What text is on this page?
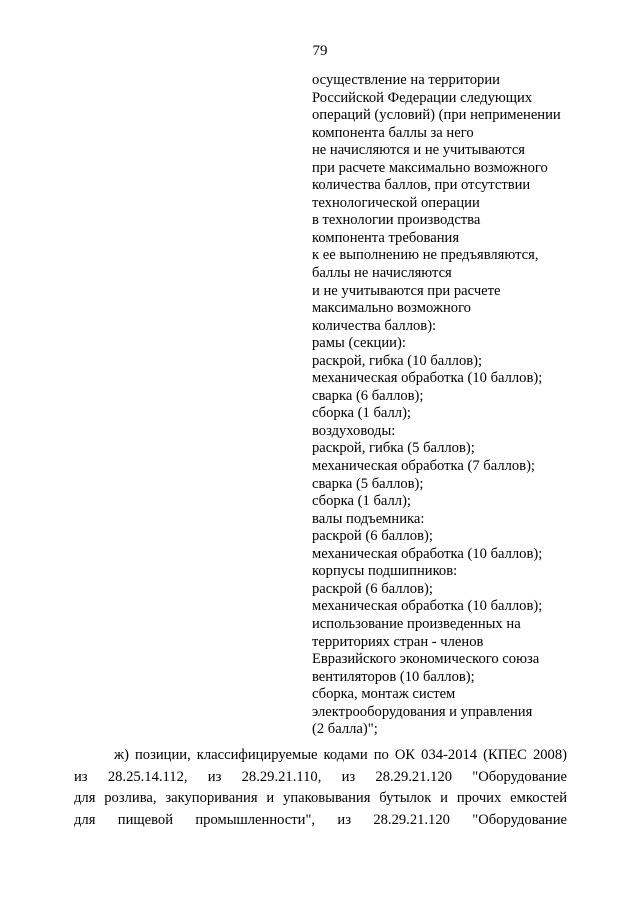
79
осуществление на территории
Российской Федерации следующих
операций (условий) (при неприменении
компонента баллы за него
не начисляются и не учитываются
при расчете максимально возможного
количества баллов, при отсутствии
технологической операции
в технологии производства
компонента требования
к ее выполнению не предъявляются,
баллы не начисляются
и не учитываются при расчете
максимально возможного
количества баллов):
рамы (секции):
раскрой, гибка (10 баллов);
механическая обработка (10 баллов);
сварка (6 баллов);
сборка (1 балл);
воздуховоды:
раскрой, гибка (5 баллов);
механическая обработка (7 баллов);
сварка (5 баллов);
сборка (1 балл);
валы подъемника:
раскрой (6 баллов);
механическая обработка (10 баллов);
корпусы подшипников:
раскрой (6 баллов);
механическая обработка (10 баллов);
использование произведенных на
территориях стран - членов
Евразийского экономического союза
вентиляторов (10 баллов);
сборка, монтаж систем
электрооборудования и управления
(2 балла)";
ж) позиции, классифицируемые кодами по ОК 034-2014 (КПЕС 2008)
из 28.25.14.112, из 28.29.21.110, из 28.29.21.120 "Оборудование
для розлива, закупоривания и упаковывания бутылок и прочих емкостей
для пищевой промышленности", из 28.29.21.120 "Оборудование
